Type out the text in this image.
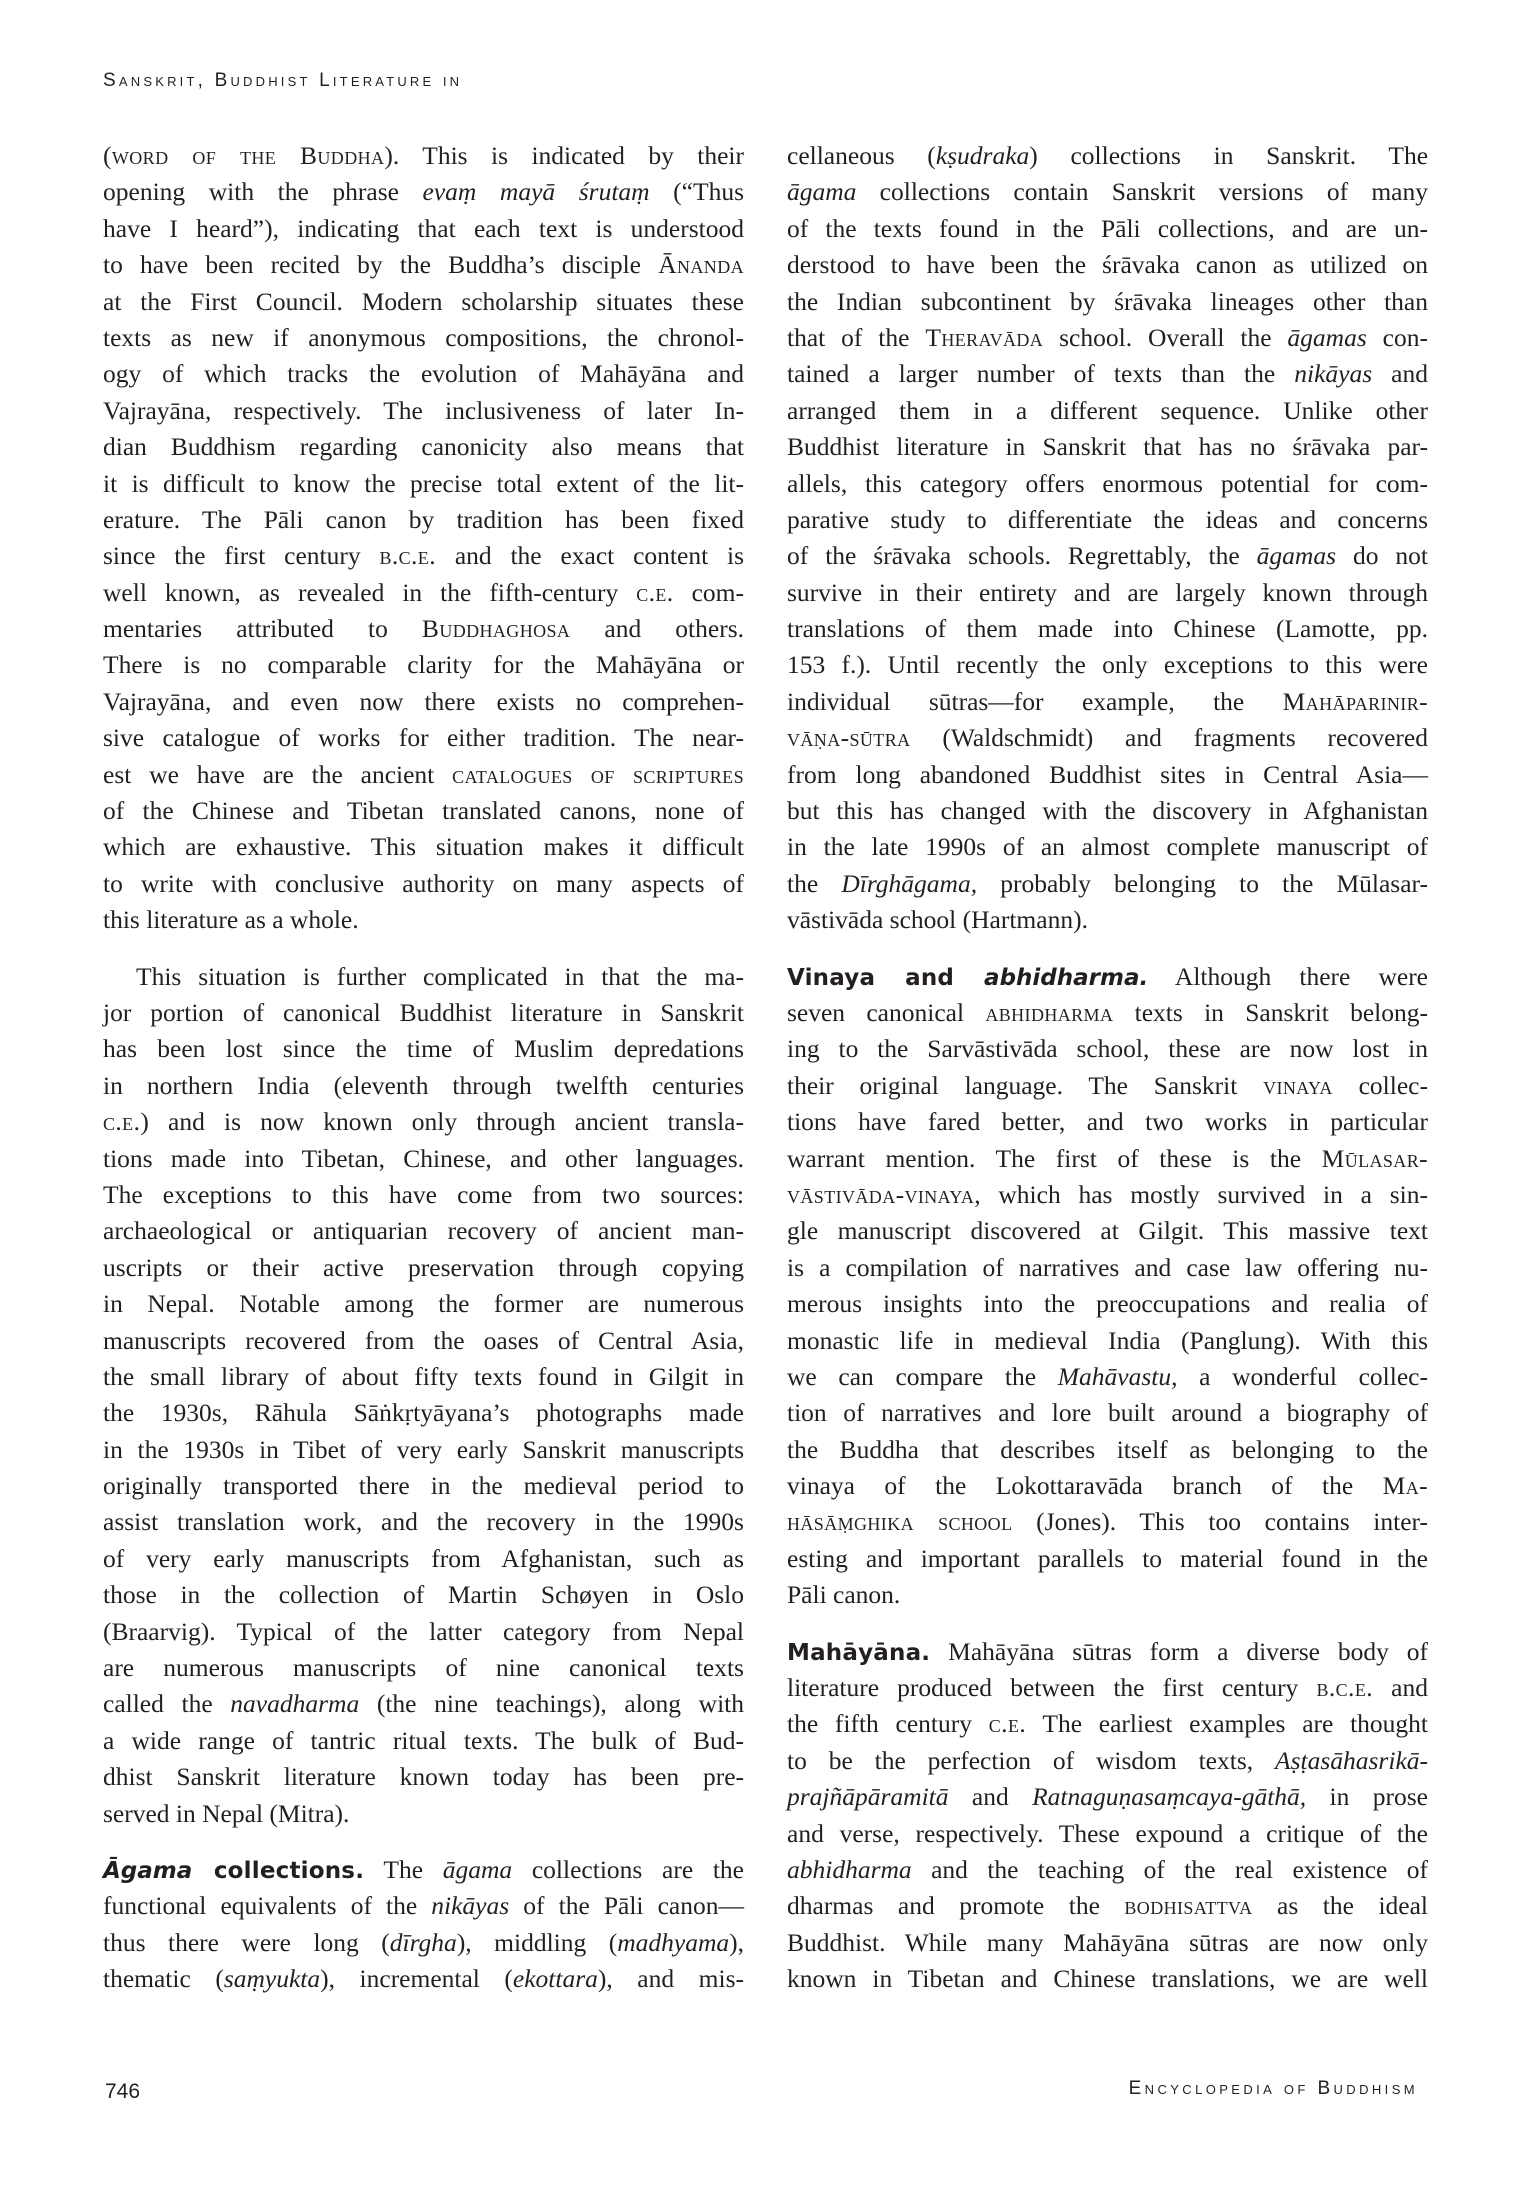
Sanskrit, Buddhist Literature in
(word of the Buddha). This is indicated by their
opening with the phrase evaṃ mayā śrutaṃ (“Thus
have I heard”), indicating that each text is understood
to have been recited by the Buddha’s disciple Ānanda
at the First Council. Modern scholarship situates these
texts as new if anonymous compositions, the chronol-
ogy of which tracks the evolution of Mahāyāna and
Vajrayāna, respectively. The inclusiveness of later In-
dian Buddhism regarding canonicity also means that
it is difficult to know the precise total extent of the lit-
erature. The Pāli canon by tradition has been fixed
since the first century b.c.e. and the exact content is
well known, as revealed in the fifth-century c.e. com-
mentaries attributed to Buddhaghosa and others.
There is no comparable clarity for the Mahāyāna or
Vajrayāna, and even now there exists no comprehen-
sive catalogue of works for either tradition. The near-
est we have are the ancient catalogues of scriptures
of the Chinese and Tibetan translated canons, none of
which are exhaustive. This situation makes it difficult
to write with conclusive authority on many aspects of
this literature as a whole.
This situation is further complicated in that the ma-
jor portion of canonical Buddhist literature in Sanskrit
has been lost since the time of Muslim depredations
in northern India (eleventh through twelfth centuries
c.e.) and is now known only through ancient transla-
tions made into Tibetan, Chinese, and other languages.
The exceptions to this have come from two sources:
archaeological or antiquarian recovery of ancient man-
uscripts or their active preservation through copying
in Nepal. Notable among the former are numerous
manuscripts recovered from the oases of Central Asia,
the small library of about fifty texts found in Gilgit in
the 1930s, Rāhula Sāṅkṛtyāyana’s photographs made
in the 1930s in Tibet of very early Sanskrit manuscripts
originally transported there in the medieval period to
assist translation work, and the recovery in the 1990s
of very early manuscripts from Afghanistan, such as
those in the collection of Martin Schøyen in Oslo
(Braarvig). Typical of the latter category from Nepal
are numerous manuscripts of nine canonical texts
called the navadharma (the nine teachings), along with
a wide range of tantric ritual texts. The bulk of Bud-
dhist Sanskrit literature known today has been pre-
served in Nepal (Mitra).
Āgama collections. The āgama collections are the
functional equivalents of the nikāyas of the Pāli canon—
thus there were long (dīrgha), middling (madhyama),
thematic (saṃyukta), incremental (ekottara), and mis-
cellaneous (kṣudraka) collections in Sanskrit. The
āgama collections contain Sanskrit versions of many
of the texts found in the Pāli collections, and are un-
derstood to have been the śrāvaka canon as utilized on
the Indian subcontinent by śrāvaka lineages other than
that of the Theravāda school. Overall the āgamas con-
tained a larger number of texts than the nikāyas and
arranged them in a different sequence. Unlike other
Buddhist literature in Sanskrit that has no śrāvaka par-
allels, this category offers enormous potential for com-
parative study to differentiate the ideas and concerns
of the śrāvaka schools. Regrettably, the āgamas do not
survive in their entirety and are largely known through
translations of them made into Chinese (Lamotte, pp.
153 f.). Until recently the only exceptions to this were
individual sūtras—for example, the Mahāparinir-
vāṇa-sūtra (Waldschmidt) and fragments recovered
from long abandoned Buddhist sites in Central Asia—
but this has changed with the discovery in Afghanistan
in the late 1990s of an almost complete manuscript of
the Dīrghāgama, probably belonging to the Mūlasar-
vāstivāda school (Hartmann).
Vinaya and abhidharma. Although there were
seven canonical abhidharma texts in Sanskrit belong-
ing to the Sarvāstivāda school, these are now lost in
their original language. The Sanskrit vinaya collec-
tions have fared better, and two works in particular
warrant mention. The first of these is the Mūlasar-
vāstivāda-vinaya, which has mostly survived in a sin-
gle manuscript discovered at Gilgit. This massive text
is a compilation of narratives and case law offering nu-
merous insights into the preoccupations and realia of
monastic life in medieval India (Panglung). With this
we can compare the Mahāvastu, a wonderful collec-
tion of narratives and lore built around a biography of
the Buddha that describes itself as belonging to the
vinaya of the Lokottaravāda branch of the Ma-
hāsāṃghika school (Jones). This too contains inter-
esting and important parallels to material found in the
Pāli canon.
Mahāyāna. Mahāyāna sūtras form a diverse body of
literature produced between the first century b.c.e. and
the fifth century c.e. The earliest examples are thought
to be the perfection of wisdom texts, Aṣṭasāhasrikā-
prajñāpāramitā and Ratnaguṇasaṃcaya-gāthā, in prose
and verse, respectively. These expound a critique of the
abhidharma and the teaching of the real existence of
dharmas and promote the bodhisattva as the ideal
Buddhist. While many Mahāyāna sūtras are now only
known in Tibetan and Chinese translations, we are well
746	Encyclopedia of Buddhism
